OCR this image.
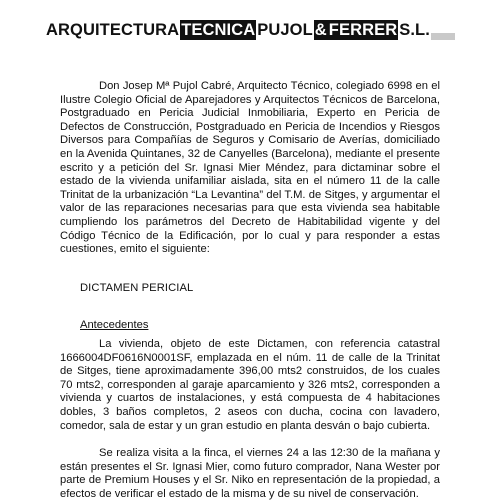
ARQUITECTURA TECNICA PUJOL & FERRER S.L.

Don Josep Mª Pujol Cabré, Arquitecto Técnico, colegiado 6998 en el Ilustre Colegio Oficial de Aparejadores y Arquitectos Técnicos de Barcelona, Postgraduado en Pericia Judicial Inmobiliaria, Experto en Pericia de Defectos de Construcción, Postgraduado en Pericia de Incendios y Riesgos Diversos para Compañías de Seguros y Comisario de Averías, domiciliado en la Avenida Quintanes, 32 de Canyelles (Barcelona), mediante el presente escrito y a petición del Sr. Ignasi Mier Méndez, para dictaminar sobre el estado de la vivienda unifamiliar aislada, sita en el número 11 de la calle Trinitat de la urbanización “La Levantina” del T.M. de Sitges, y argumentar el valor de las reparaciones necesarias para que esta vivienda sea habitable cumpliendo los parámetros del Decreto de Habitabilidad vigente y del Código Técnico de la Edificación, por lo cual y para responder a estas cuestiones, emito el siguiente:

DICTAMEN PERICIAL

Antecedentes

La vivienda, objeto de este Dictamen, con referencia catastral 1666004DF0616N0001SF, emplazada en el núm. 11 de calle de la Trinitat de Sitges, tiene aproximadamente 396,00 mts2 construidos, de los cuales 70 mts2, corresponden al garaje aparcamiento y 326 mts2, corresponden a vivienda y cuartos de instalaciones, y está compuesta de 4 habitaciones dobles, 3 baños completos, 2 aseos con ducha, cocina con lavadero, comedor, sala de estar y un gran estudio en planta desván o bajo cubierta.

Se realiza visita a la finca, el viernes 24 a las 12:30 de la mañana y están presentes el Sr. Ignasi Mier, como futuro comprador, Nana Wester por parte de Premium Houses y el Sr. Niko en representación de la propiedad, a efectos de verificar el estado de la misma y de su nivel de conservación.
